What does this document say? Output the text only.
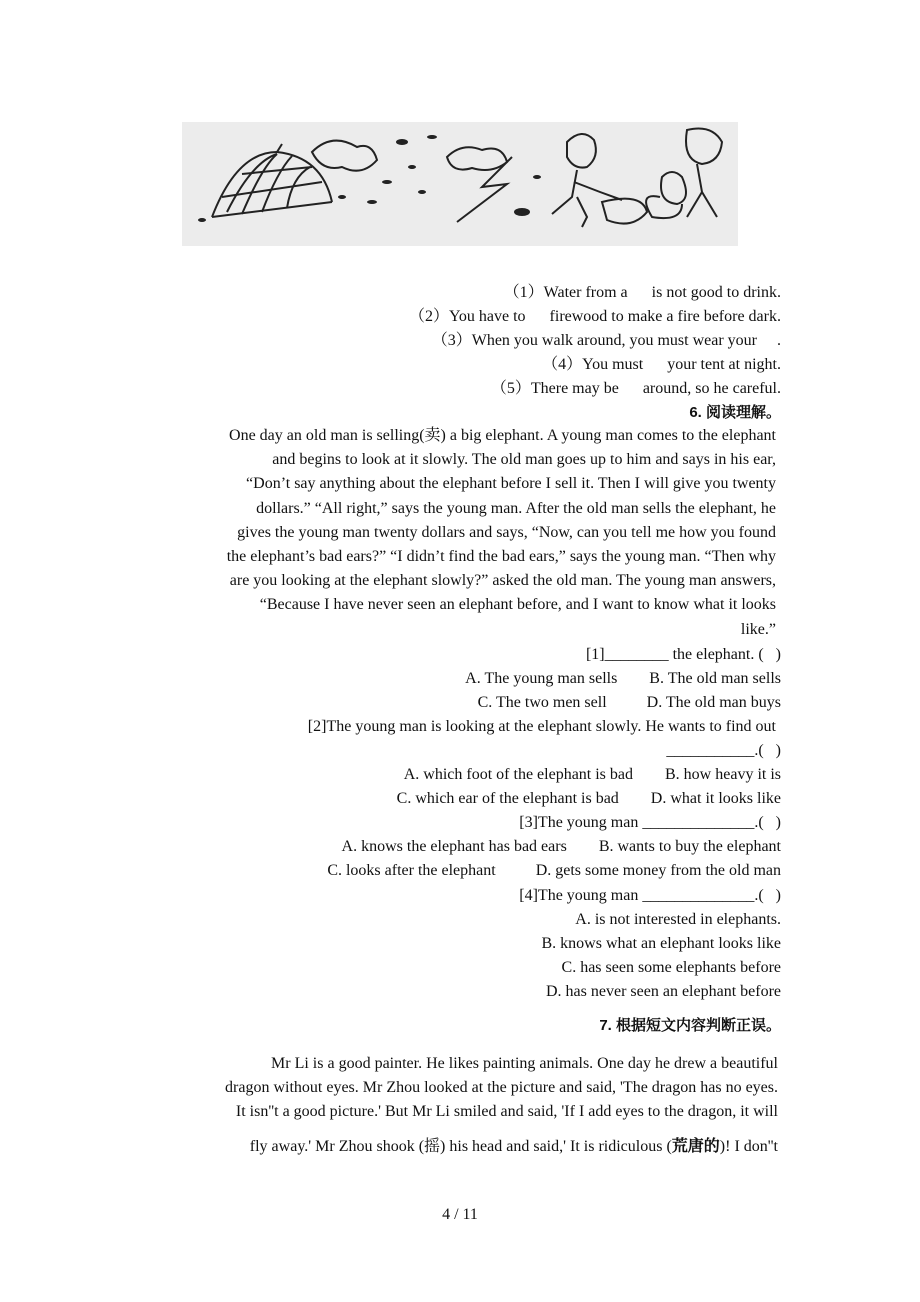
（1）Water from a      is not good to drink.
（2）You have to      firewood to make a fire before dark.
（3）When you walk around, you must wear your     .
（4）You must      your tent at night.
（5）There may be      around, so he careful.
6. 阅读理解。
One day an old man is selling(卖) a big elephant. A young man comes to the elephant
and begins to look at it slowly. The old man goes up to him and says in his ear,
“Don’t say anything about the elephant before I sell it. Then I will give you twenty
dollars.” “All right,” says the young man. After the old man sells the elephant, he
gives the young man twenty dollars and says, “Now, can you tell me how you found
the elephant’s bad ears?” “I didn’t find the bad ears,” says the young man. “Then why
are you looking at the elephant slowly?” asked the old man. The young man answers,
“Because I have never seen an elephant before, and I want to know what it looks
like.”
[1]________ the elephant. (   )
A. The young man sells        B. The old man sells
C. The two men sell          D. The old man buys
[2]The young man is looking at the elephant slowly. He wants to find out
___________.(   )
A. which foot of the elephant is bad        B. how heavy it is
C. which ear of the elephant is bad        D. what it looks like
[3]The young man ______________.(   )
A. knows the elephant has bad ears        B. wants to buy the elephant
C. looks after the elephant          D. gets some money from the old man
[4]The young man ______________.(   )
A. is not interested in elephants.
B. knows what an elephant looks like
C. has seen some elephants before
D. has never seen an elephant before
7. 根据短文内容判断正误。
Mr Li is a good painter. He likes painting animals. One day he drew a beautiful
dragon without eyes. Mr Zhou looked at the picture and said, 'The dragon has no eyes.
It isn''t a good picture.' But Mr Li smiled and said, 'If I add eyes to the dragon, it will
fly away.' Mr Zhou shook (摇) his head and said,' It is ridiculous (荒唐的)! I don''t
4 / 11
